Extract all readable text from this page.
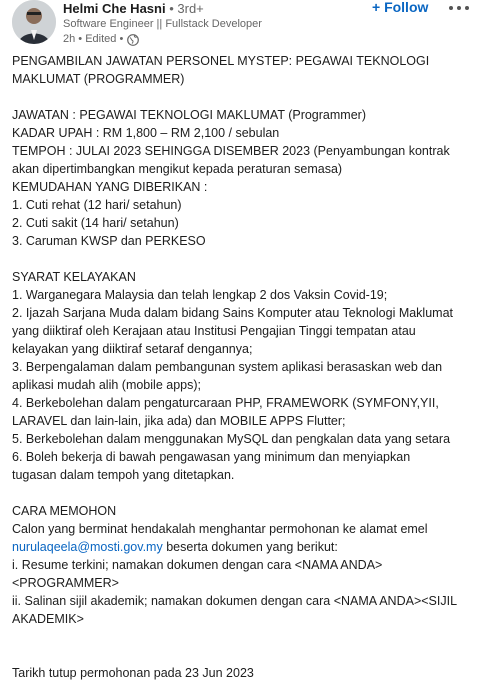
Helmi Che Hasni • 3rd+
Software Engineer || Fullstack Developer
2h • Edited •
+ Follow
PENGAMBILAN JAWATAN PERSONEL MYSTEP: PEGAWAI TEKNOLOGI
MAKLUMAT (PROGRAMMER)
JAWATAN : PEGAWAI TEKNOLOGI MAKLUMAT (Programmer)
KADAR UPAH : RM 1,800 – RM 2,100 / sebulan
TEMPOH : JULAI 2023 SEHINGGA DISEMBER 2023 (Penyambungan kontrak
akan dipertimbangkan mengikut kepada peraturan semasa)
KEMUDAHAN YANG DIBERIKAN :
1. Cuti rehat (12 hari/ setahun)
2. Cuti sakit (14 hari/ setahun)
3. Caruman KWSP dan PERKESO
SYARAT KELAYAKAN
1. Warganegara Malaysia dan telah lengkap 2 dos Vaksin Covid-19;
2. Ijazah Sarjana Muda dalam bidang Sains Komputer atau Teknologi Maklumat
yang diiktiraf oleh Kerajaan atau Institusi Pengajian Tinggi tempatan atau
kelayakan yang diiktiraf setaraf dengannya;
3. Berpengalaman dalam pembangunan system aplikasi berasaskan web dan
aplikasi mudah alih (mobile apps);
4. Berkebolehan dalam pengaturcaraan PHP, FRAMEWORK (SYMFONY,YII,
LARAVEL dan lain-lain, jika ada) dan MOBILE APPS Flutter;
5. Berkebolehan dalam menggunakan MySQL dan pengkalan data yang setara
6. Boleh bekerja di bawah pengawasan yang minimum dan menyiapkan
tugasan dalam tempoh yang ditetapkan.
CARA MEMOHON
Calon yang berminat hendakalah menghantar permohonan ke alamat emel
nurulaqeela@mosti.gov.my beserta dokumen yang berikut:
i. Resume terkini; namakan dokumen dengan cara <NAMA ANDA>
<PROGRAMMER>
ii. Salinan sijil akademik; namakan dokumen dengan cara <NAMA ANDA><SIJIL
AKADEMIK>
Tarikh tutup permohonan pada 23 Jun 2023
